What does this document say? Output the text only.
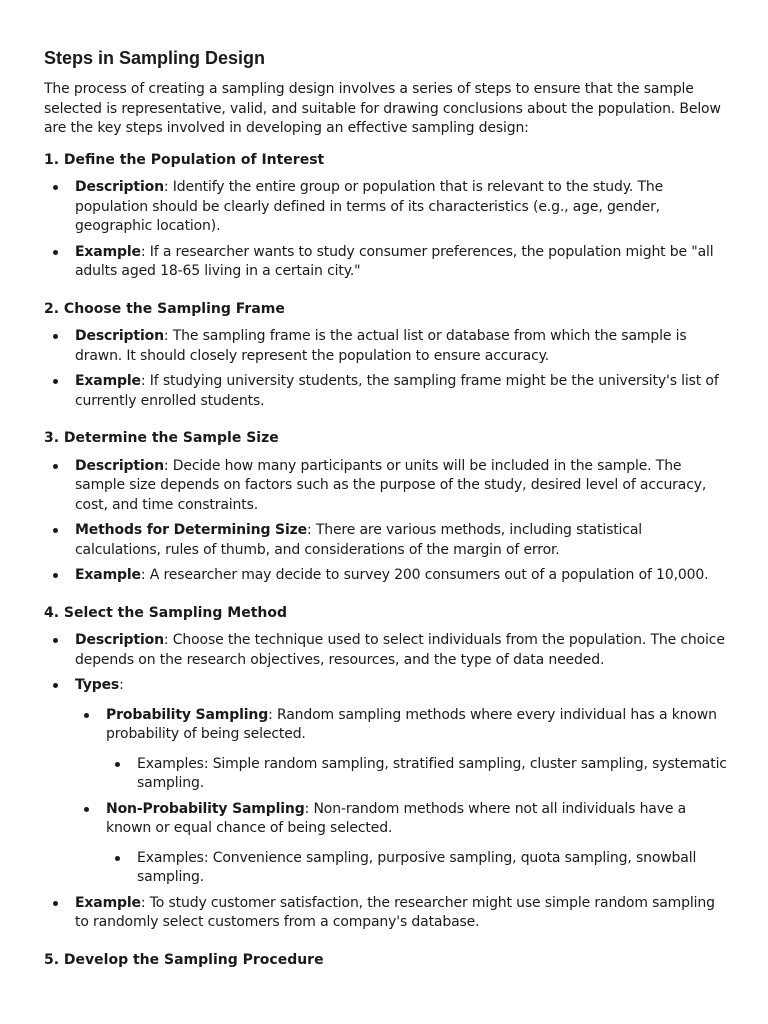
Steps in Sampling Design

The process of creating a sampling design involves a series of steps to ensure that the sample selected is representative, valid, and suitable for drawing conclusions about the population. Below are the key steps involved in developing an effective sampling design:

1. Define the Population of Interest
Description: Identify the entire group or population that is relevant to the study. The population should be clearly defined in terms of its characteristics (e.g., age, gender, geographic location).
Example: If a researcher wants to study consumer preferences, the population might be "all adults aged 18-65 living in a certain city."
2. Choose the Sampling Frame
Description: The sampling frame is the actual list or database from which the sample is drawn. It should closely represent the population to ensure accuracy.
Example: If studying university students, the sampling frame might be the university's list of currently enrolled students.
3. Determine the Sample Size
Description: Decide how many participants or units will be included in the sample. The sample size depends on factors such as the purpose of the study, desired level of accuracy, cost, and time constraints.
Methods for Determining Size: There are various methods, including statistical calculations, rules of thumb, and considerations of the margin of error.
Example: A researcher may decide to survey 200 consumers out of a population of 10,000.
4. Select the Sampling Method
Description: Choose the technique used to select individuals from the population. The choice depends on the research objectives, resources, and the type of data needed.
Types:
Probability Sampling: Random sampling methods where every individual has a known probability of being selected.
Examples: Simple random sampling, stratified sampling, cluster sampling, systematic sampling.
Non-Probability Sampling: Non-random methods where not all individuals have a known or equal chance of being selected.
Examples: Convenience sampling, purposive sampling, quota sampling, snowball sampling.
Example: To study customer satisfaction, the researcher might use simple random sampling to randomly select customers from a company's database.
5. Develop the Sampling Procedure
